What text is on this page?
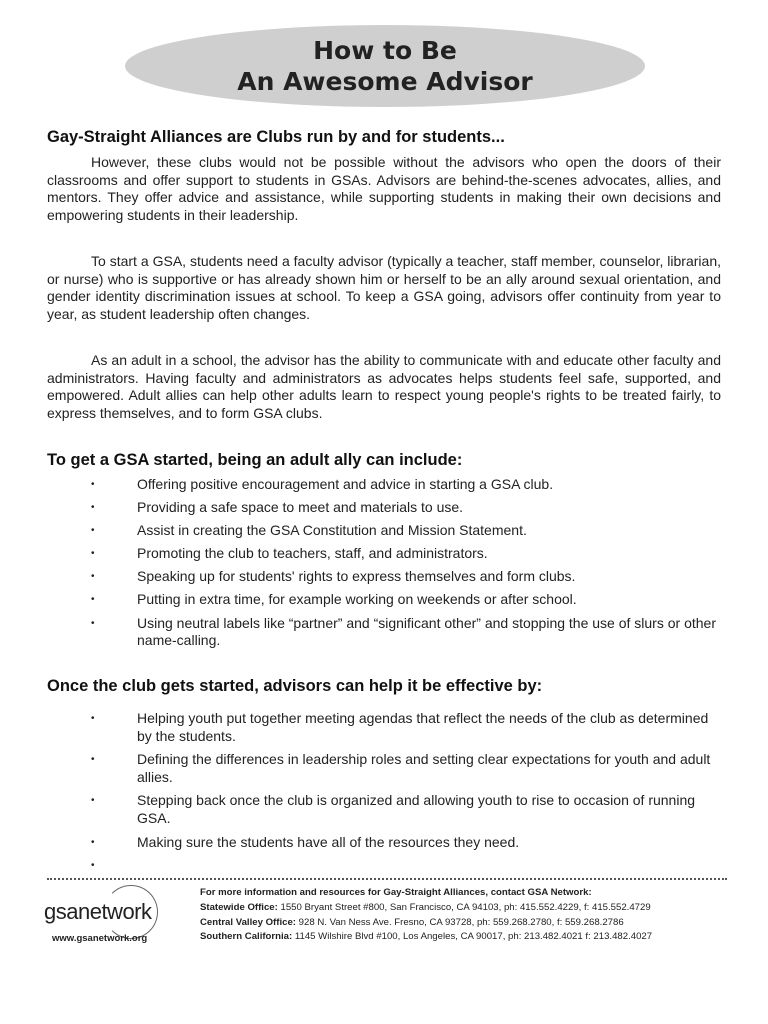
How to Be
An Awesome Advisor
Gay-Straight Alliances are Clubs run by and for students...

However, these clubs would not be possible without the advisors who open the doors of their classrooms and offer support to students in GSAs. Advisors are behind-the-scenes advocates, allies, and mentors. They offer advice and assistance, while supporting students in making their own decisions and empowering students in their leadership.

To start a GSA, students need a faculty advisor (typically a teacher, staff member, counselor, librarian, or nurse) who is supportive or has already shown him or herself to be an ally around sexual orientation, and gender identity discrimination issues at school. To keep a GSA going, advisors offer continuity from year to year, as student leadership often changes.

As an adult in a school, the advisor has the ability to communicate with and educate other faculty and administrators. Having faculty and administrators as advocates helps students feel safe, supported, and empowered. Adult allies can help other adults learn to respect young people's rights to be treated fairly, to express themselves, and to form GSA clubs.

To get a GSA started, being an adult ally can include:
•	Offering positive encouragement and advice in starting a GSA club.
•	Providing a safe space to meet and materials to use.
•	Assist in creating the GSA Constitution and Mission Statement.
•	Promoting the club to teachers, staff, and administrators.
•	Speaking up for students' rights to express themselves and form clubs.
•	Putting in extra time, for example working on weekends or after school.
•	Using neutral labels like “partner” and “significant other” and stopping the use of slurs or other name-calling.
Once the club gets started, advisors can help it be effective by:
•	Helping youth put together meeting agendas that reflect the needs of the club as determined by the students.
•	Defining the differences in leadership roles and setting clear expectations for youth and adult allies.
•	Stepping back once the club is organized and allowing youth to rise to occasion of running GSA.
•	Making sure the students have all of the resources they need.
•
gsanetwork
www.gsanetwork.org
For more information and resources for Gay-Straight Alliances, contact GSA Network:
Statewide Office: 1550 Bryant Street #800, San Francisco, CA 94103, ph: 415.552.4229, f: 415.552.4729
Central Valley Office: 928 N. Van Ness Ave. Fresno, CA 93728, ph: 559.268.2780, f: 559.268.2786
Southern California: 1145 Wilshire Blvd #100, Los Angeles, CA 90017, ph: 213.482.4021 f: 213.482.4027
